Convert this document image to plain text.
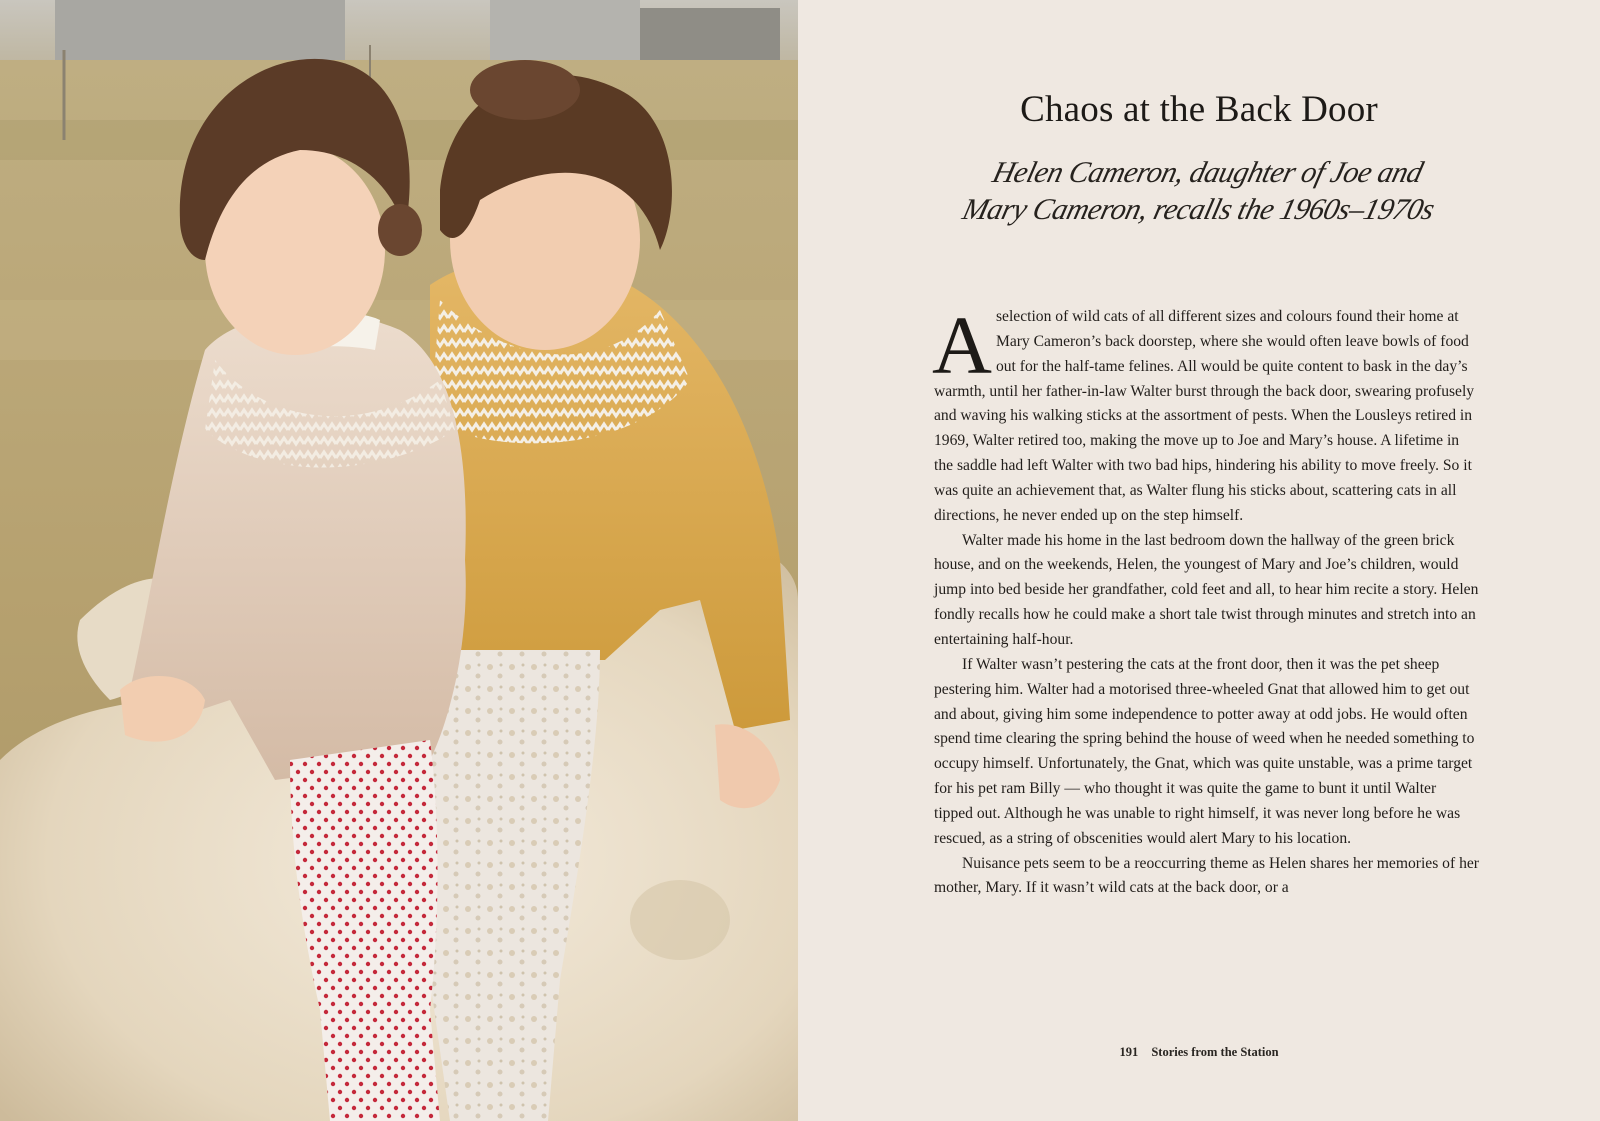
Chaos at the Back Door
Helen Cameron, daughter of Joe and
Mary Cameron, recalls the 1960s–1970s

Aselection of wild cats of all different sizes and colours found their home at Mary Cameron’s back doorstep, where she would often leave bowls of food out for the half-tame felines. All would be quite content to bask in the day’s warmth, until her father-in-law Walter burst through the back door, swearing profusely and waving his walking sticks at the assortment of pests. When the Lousleys retired in 1969, Walter retired too, making the move up to Joe and Mary’s house. A lifetime in the saddle had left Walter with two bad hips, hindering his ability to move freely. So it was quite an achievement that, as Walter flung his sticks about, scattering cats in all directions, he never ended up on the step himself.

Walter made his home in the last bedroom down the hallway of the green brick house, and on the weekends, Helen, the youngest of Mary and Joe’s children, would jump into bed beside her grandfather, cold feet and all, to hear him recite a story. Helen fondly recalls how he could make a short tale twist through minutes and stretch into an entertaining half-hour.

If Walter wasn’t pestering the cats at the front door, then it was the pet sheep pestering him. Walter had a motorised three-wheeled Gnat that allowed him to get out and about, giving him some independence to potter away at odd jobs. He would often spend time clearing the spring behind the house of weed when he needed something to occupy himself. Unfortunately, the Gnat, which was quite unstable, was a prime target for his pet ram Billy — who thought it was quite the game to bunt it until Walter tipped out. Although he was unable to right himself, it was never long before he was rescued, as a string of obscenities would alert Mary to his location.

Nuisance pets seem to be a reoccurring theme as Helen shares her memories of her mother, Mary. If it wasn’t wild cats at the back door, or a

191 Stories from the Station
